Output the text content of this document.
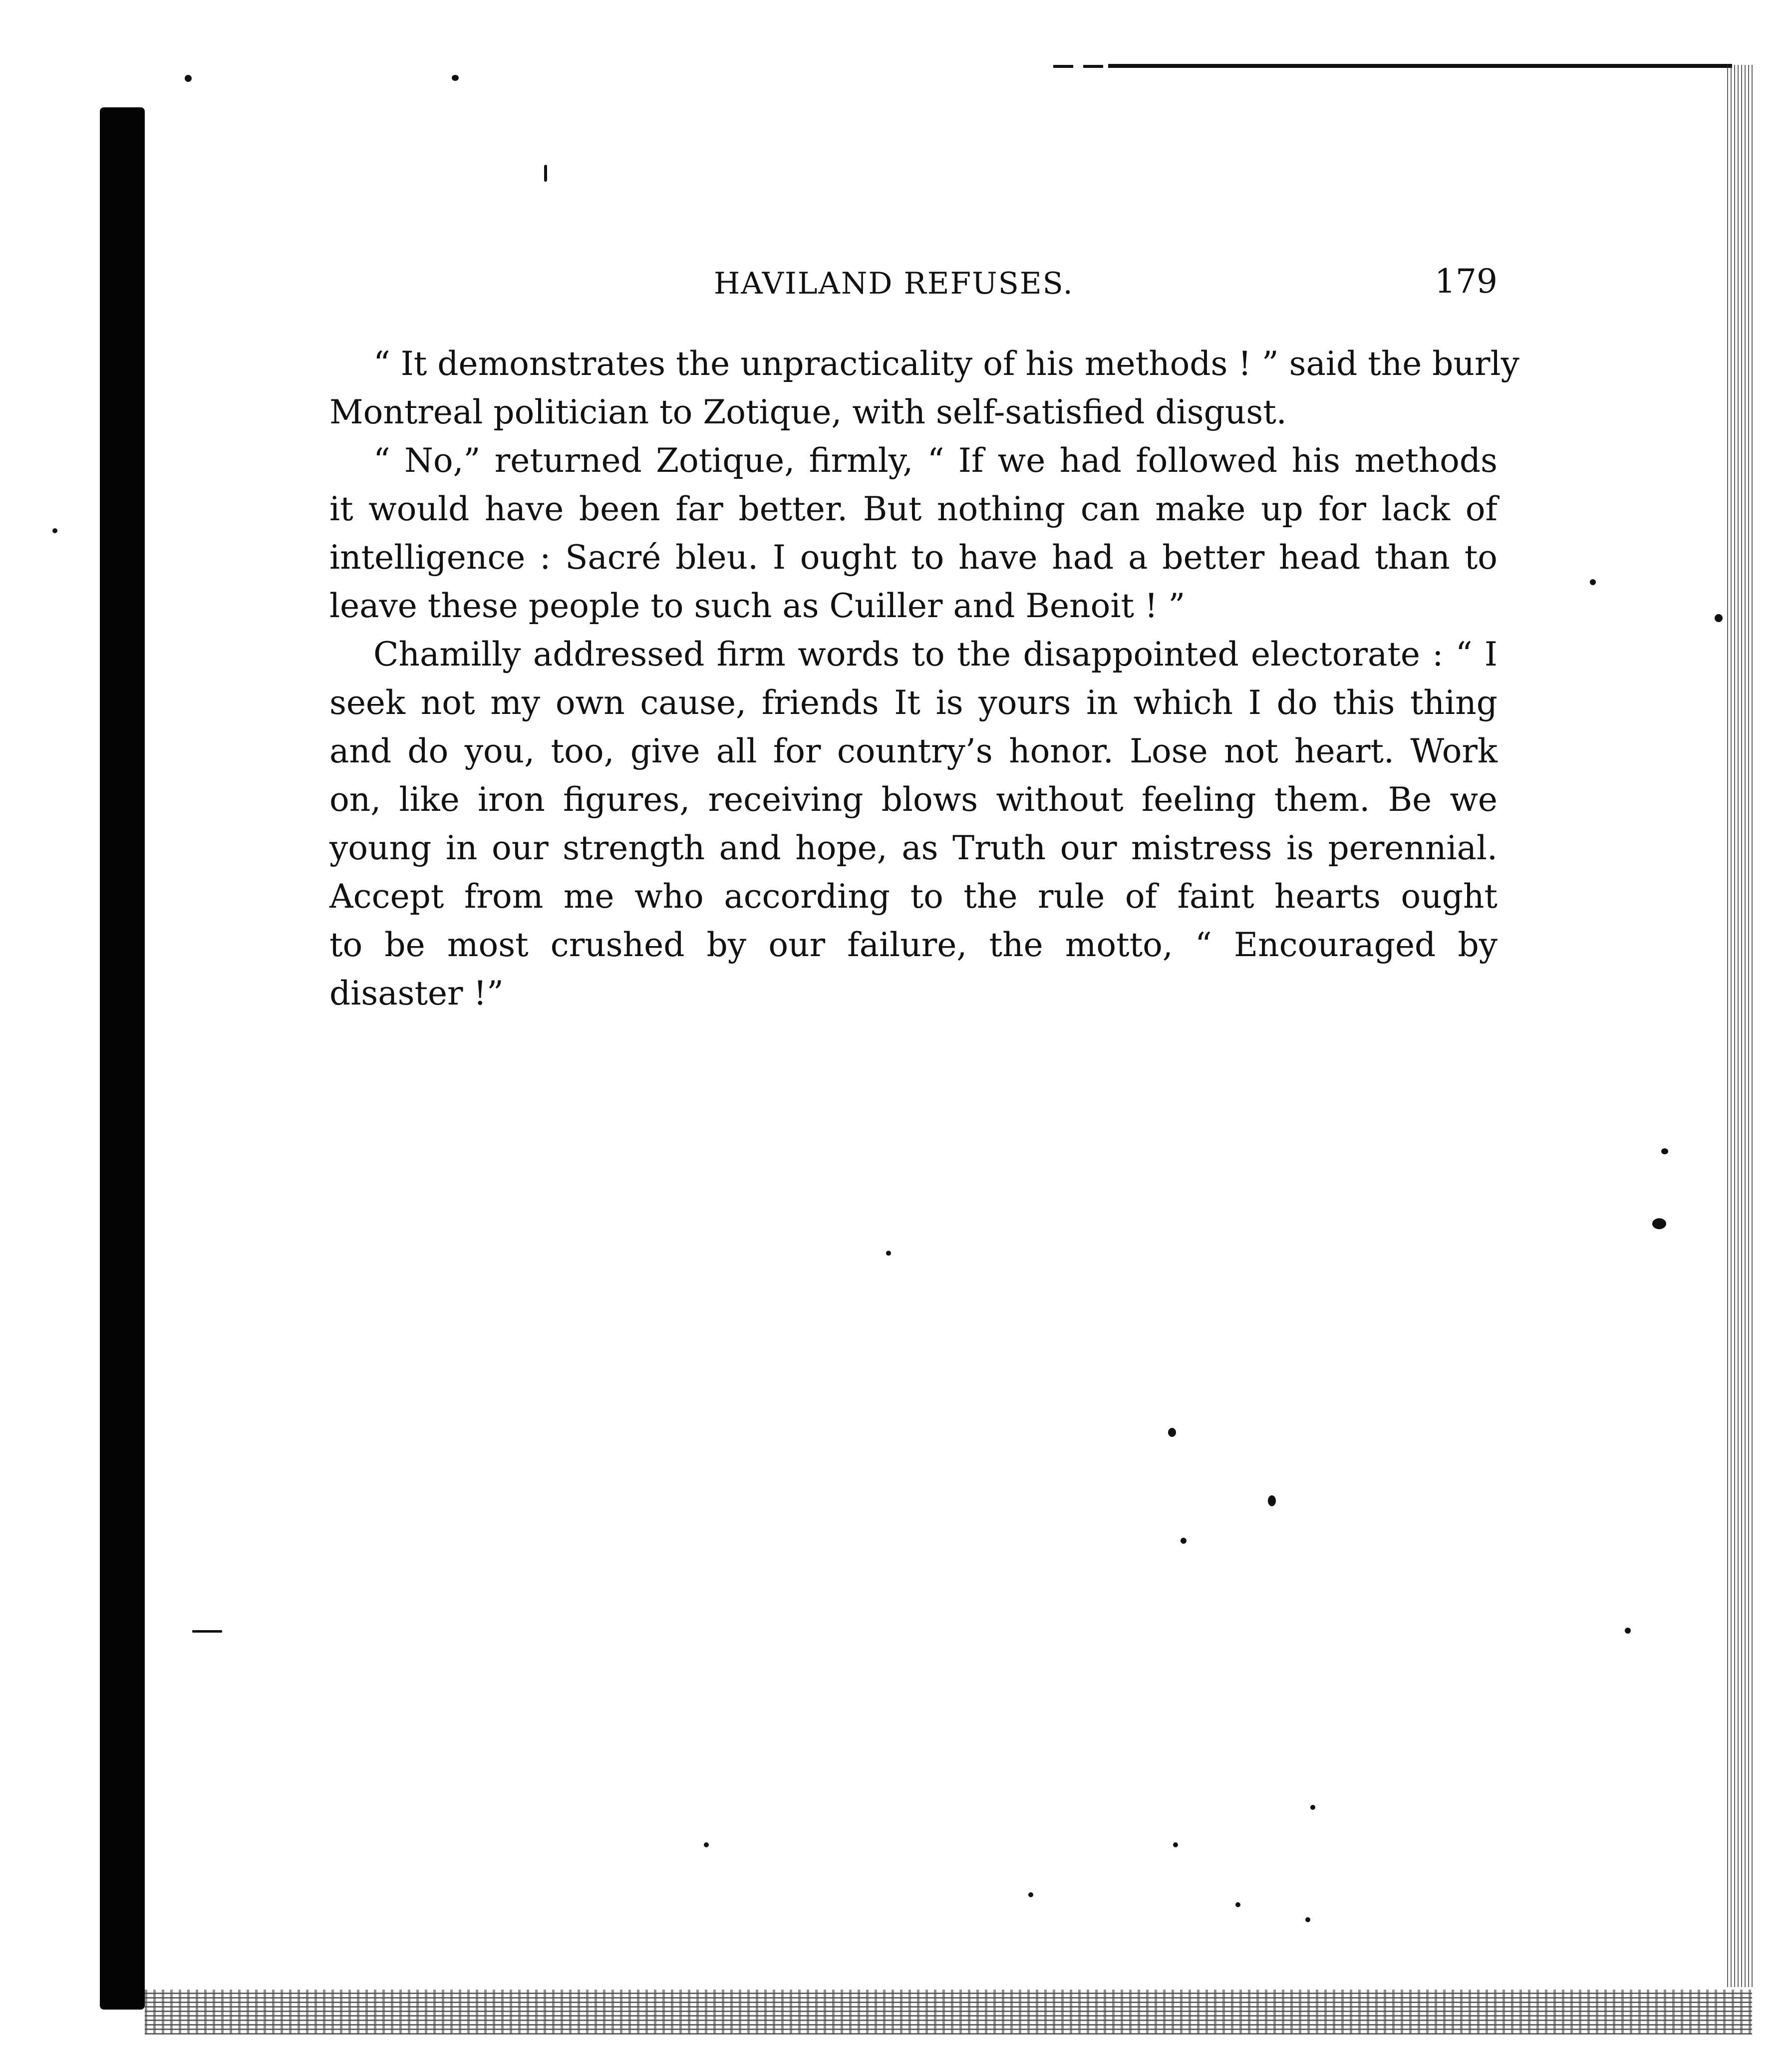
HAVILAND REFUSES.	179

“ It demonstrates the unpracticality of his methods ! ” said the burly
Montreal politician to Zotique, with self-satisfied disgust.

“ No,” returned Zotique, firmly, “ If we had followed his methods
it would have been far better. But nothing can make up for lack of
intelligence : Sacré bleu. I ought to have had a better head than to
leave these people to such as Cuiller and Benoit ! ”

Chamilly addressed firm words to the disappointed electorate : “ I
seek not my own cause, friends It is yours in which I do this thing
and do you, too, give all for country’s honor. Lose not heart. Work
on, like iron figures, receiving blows without feeling them. Be we
young in our strength and hope, as Truth our mistress is perennial.
Accept from me who according to the rule of faint hearts ought
to be most crushed by our failure, the motto, “ Encouraged by
disaster !”
